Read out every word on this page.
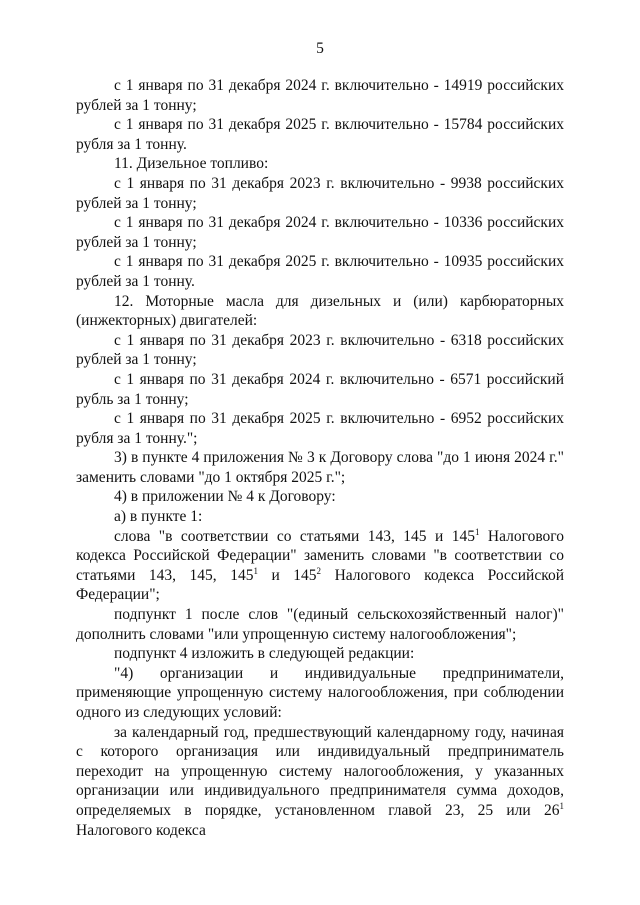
5

с 1 января по 31 декабря 2024 г. включительно - 14919 российских рублей за 1 тонну;

с 1 января по 31 декабря 2025 г. включительно - 15784 российских рубля за 1 тонну.

11. Дизельное топливо:

с 1 января по 31 декабря 2023 г. включительно - 9938 российских рублей за 1 тонну;

с 1 января по 31 декабря 2024 г. включительно - 10336 российских рублей за 1 тонну;

с 1 января по 31 декабря 2025 г. включительно - 10935 российских рублей за 1 тонну.

12. Моторные масла для дизельных и (или) карбюраторных (инжекторных) двигателей:

с 1 января по 31 декабря 2023 г. включительно - 6318 российских рублей за 1 тонну;

с 1 января по 31 декабря 2024 г. включительно - 6571 российский рубль за 1 тонну;

с 1 января по 31 декабря 2025 г. включительно - 6952 российских рубля за 1 тонну.";

3) в пункте 4 приложения № 3 к Договору слова "до 1 июня 2024 г." заменить словами "до 1 октября 2025 г.";

4) в приложении № 4 к Договору:

а) в пункте 1:

слова "в соответствии со статьями 143, 145 и $145^1$ Налогового кодекса Российской Федерации" заменить словами "в соответствии со статьями 143, 145, $145^1$ и $145^2$ Налогового кодекса Российской Федерации";

подпункт 1 после слов "(единый сельскохозяйственный налог)" дополнить словами "или упрощенную систему налогообложения";

подпункт 4 изложить в следующей редакции:

"4) организации и индивидуальные предприниматели, применяющие упрощенную систему налогообложения, при соблюдении одного из следующих условий:

за календарный год, предшествующий календарному году, начиная с которого организация или индивидуальный предприниматель переходит на упрощенную систему налогообложения, у указанных организации или индивидуального предпринимателя сумма доходов, определяемых в порядке, установленном главой 23, 25 или $26^1$ Налогового кодекса
